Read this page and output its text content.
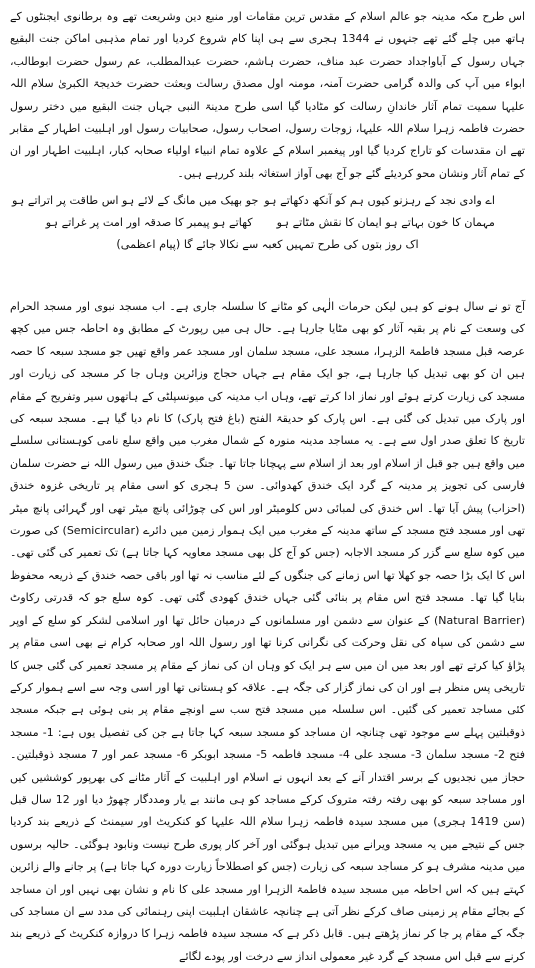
اس طرح مکہ مدینہ جو عالم اسلام کے مقدس ترین مقامات اور منبع دین وشریعت تھے وہ برطانوی ایجنٹوں کے ہاتھ میں چلے گئے تھے جنہوں نے 1344 ہجری سے ہی اپنا کام شروع کردیا اور تمام مذہبی اماکن جنت البقیع جہاں رسول کے آباواجداد حضرت عبد مناف، حضرت ہاشم، حضرت عبدالمطلب، عم رسول حضرت ابوطالب، ابواء میں آپ کی والدہ گرامی حضرت آمنہ، مومنہ اول مصدق رسالت وبعثت حضرت خدیجۃ الکبریٰ سلام اللہ علیہا سمیت تمام آثار خاندانِ رسالت کو مٹادیا گیا اسی طرح مدینۃ النبی جہاں جنت البقیع میں دختر رسول حضرت فاطمہ زہرا سلام اللہ علیہا، زوجات رسول، اصحاب رسول، صحابیات رسول اور اہلبیت اطہار کے مقابر تھے ان مقدسات کو تاراج کردیا گیا اور پیغمبر اسلام کے علاوہ تمام انبیاء اولیاء صحابہ کبار، اہلبیت اطہار اور ان کے تمام آثار ونشان محو کردیئے گئے جو آج بھی آواز استغاثہ بلند کررہے ہیں۔

اے وادی نجد کے رہزنو کیوں ہم کو آنکھ دکھاتے ہو
جو بھیک میں مانگ کے لائے ہو اس طاقت پر اتراتے ہو
مہمان کا خون بہاتے ہو ایمان کا نقش مٹاتے ہو
کھاتے ہو پیمبر کا صدقہ اور امت پر غراتے ہو
اک روز بتوں کی طرح تمہیں کعبہ سے نکالا جائے گا (پیام اعظمی)

آج تو نے سال ہونے کو ہیں لیکن حرمات الٰہی کو مٹانے کا سلسلہ جاری ہے۔ اب مسجد نبوی اور مسجد الحرام کی وسعت کے نام پر بقیہ آثار کو بھی مٹایا جارہا ہے۔ حال ہی میں رپورٹ کے مطابق وہ احاطہ جس میں کچھ عرصہ قبل مسجد فاطمۃ الزہرا، مسجد علی، مسجد سلمان اور مسجد عمر واقع تھیں جو مسجد سبعہ کا حصہ ہیں ان کو بھی تبدیل کیا جارہا ہے، جو ایک مقام ہے جہاں حجاج وزائرین وہاں جا کر مسجد کی زیارت اور مسجد کی زیارت کرتے ہوئے اور نماز ادا کرتے تھے، وہاں اب مدینہ کی میونسپلٹی کے ہاتھوں سیر وتفریح کے مقام اور پارک میں تبدیل کی گئی ہے۔ اس پارک کو حدیقۃ الفتح (باغ فتح پارک) کا نام دیا گیا ہے۔ مسجد سبعہ کی تاریخ کا تعلق صدر اول سے ہے۔ یہ مساجد مدینہ منورہ کے شمال مغرب میں واقع سلع نامی کوہستانی سلسلے میں واقع ہیں جو قبل از اسلام اور بعد از اسلام سے پہچانا جاتا تھا۔ جنگ خندق میں رسول اللہ نے حضرت سلمان فارسی کی تجویز پر مدینہ کے گرد ایک خندق کھدوائی۔ سن 5 ہجری کو اسی مقام پر تاریخی غزوہ خندق (احزاب) پیش آیا تھا۔ اس خندق کی لمبائی دس کلومیٹر اور اس کی چوڑائی پانچ میٹر تھی اور گہرائی پانچ میٹر تھی اور مسجد فتح مسجد کے ساتھ مدینہ کے مغرب میں ایک ہموار زمین میں دائرے (Semicircular) کی صورت میں کوہ سلع سے گزر کر مسجد الاجابہ (جس کو آج کل بھی مسجد معاویہ کہا جاتا ہے) تک تعمیر کی گئی تھی۔ اس کا ایک بڑا حصہ جو کھلا تھا اس زمانے کی جنگوں کے لئے مناسب نہ تھا اور باقی حصہ خندق کے ذریعہ محفوظ بنایا گیا تھا۔ مسجد فتح اس مقام پر بنائی گئی جہاں خندق کھودی گئی تھی۔ کوہ سلع جو کہ قدرتی رکاوٹ (Natural Barrier) کے عنوان سے دشمن اور مسلمانوں کے درمیان حائل تھا اور اسلامی لشکر کو سلع کے اوپر سے دشمن کی سپاہ کی نقل وحرکت کی نگرانی کرنا تھا اور رسول اللہ اور صحابہ کرام نے بھی اسی مقام پر پڑاؤ کیا کرتے تھے اور بعد میں ان میں سے ہر ایک کو وہاں ان کی نماز کے مقام پر مسجد تعمیر کی گئی جس کا تاریخی پس منظر ہے اور ان کی نماز گزار کی جگہ ہے۔ علاقہ کو ہستانی تھا اور اسی وجہ سے اسے ہموار کرکے کئی مساجد تعمیر کی گئیں۔ اس سلسلہ میں مسجد فتح سب سے اونچے مقام پر بنی ہوئی ہے جبکہ مسجد ذوقبلتین پہلے سے موجود تھی چنانچہ ان مساجد کو مسجد سبعہ کہا جاتا ہے جن کی تفصیل یوں ہے: 1- مسجد فتح 2- مسجد سلمان 3- مسجد علی 4- مسجد فاطمہ 5- مسجد ابوبکر 6- مسجد عمر اور 7 مسجد ذوقبلتین۔ حجاز میں نجدیوں کے برسر اقتدار آنے کے بعد انہوں نے اسلام اور اہلبیت کے آثار مٹانے کی بھرپور کوششیں کیں اور مساجد سبعہ کو بھی رفتہ رفتہ متروک کرکے مساجد کو ہی مانند بے یار ومددگار چھوڑ دیا اور 12 سال قبل (سن 1419 ہجری) میں مسجد سیدہ فاطمہ زہرا سلام اللہ علیہا کو کنکریٹ اور سیمنٹ کے ذریعے بند کردیا جس کے نتیجے میں یہ مسجد ویرانے میں تبدیل ہوگئی اور آخر کار پوری طرح نیست ونابود ہوگئی۔ حالیہ برسوں میں مدینہ مشرف ہو کر مساجد سبعہ کی زیارت (جس کو اصطلاحاً زیارت دورہ کہا جاتا ہے) پر جانے والے زائرین کہتے ہیں کہ اس احاطہ میں مسجد سیدہ فاطمۃ الزہرا اور مسجد علی کا نام و نشان بھی نہیں اور ان مساجد کے بجائے مقام پر زمینی صاف کرکے نظر آتی ہے چنانچہ عاشقان اہلبیت اپنی رہنمائی کی مدد سے ان مساجد کی جگہ کے مقام پر جا کر نماز پڑھتے ہیں۔ قابل ذکر ہے کہ مسجد سیدہ فاطمہ زہرا کا دروازہ کنکریٹ کے ذریعے بند کرنے سے قبل اس مسجد کے گرد غیر معمولی انداز سے درخت اور پودے لگائے
